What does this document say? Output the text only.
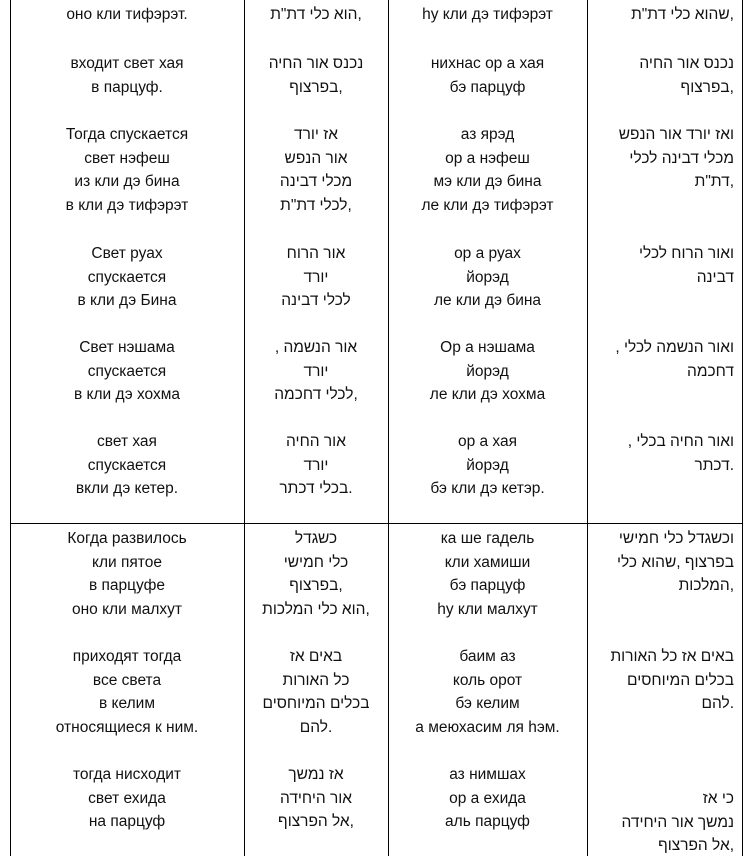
оно кли тифэрэт.
входит свет хая
в парцуф.
Тогда спускается
свет нэфеш
из кли дэ бина
в кли дэ тифэрэт
Свет руах
спускается
в кли дэ Бина
Свет нэшама
спускается
в кли дэ хохма
свет хая
спускается
вкли дэ кетер.
Когда развилось
кли пятое
в парцуфе
оно кли малхут
приходят тогда
все света
в келим
относящиеся к ним.
тогда нисходит
свет ехида
на парцуф
,הוא כלי דת"ת
נכנס אור החיה
,בפרצוף
אז יורד
אור הנפש
מכלי דבינה
,לכלי דת"ת
אור הרוח
יורד
לכלי דבינה
אור הנשמה ,
יורד
,לכלי דחכמה
אור החיה
יורד
.בכלי דכתר
כשגדל
כלי חמישי
,בפרצוף
,הוא כלי המלכות
באים אז
כל האורות
בכלים המיוחסים
.להם
אז נמשך
אור היחידה
,אל הפרצוף
hу кли дэ тифэрэт
нихнас ор а хая
бэ парцуф
аз ярэд
ор а нэфеш
мэ кли дэ бина
ле кли дэ тифэрэт
ор а руах
йорэд
ле кли дэ бина
Ор а нэшама
йорэд
ле кли дэ хохма
ор а хая
йорэд
бэ кли дэ кетэр.
ка ше гадель
кли хамиши
бэ парцуф
hу кли малхут
баим аз
коль орот
бэ келим
а меюхасим ля hэм.
аз нимшах
ор а ехида
аль парцуф
,שהוא כלי דת"ת
נכנס אור החיה
,בפרצוף
ואז יורד אור הנפש
מכלי דבינה לכלי
,דת"ת
ואור הרוח לכלי
דבינה
ואור הנשמה לכלי ,
דחכמה
ואור החיה בכלי ,
.דכתר
וכשגדל כלי חמישי
בפרצוף ,שהוא כלי
,המלכות
באים אז כל האורות
בכלים המיוחסים
.להם
כי אז
נמשך אור היחידה
,אל הפרצוף
